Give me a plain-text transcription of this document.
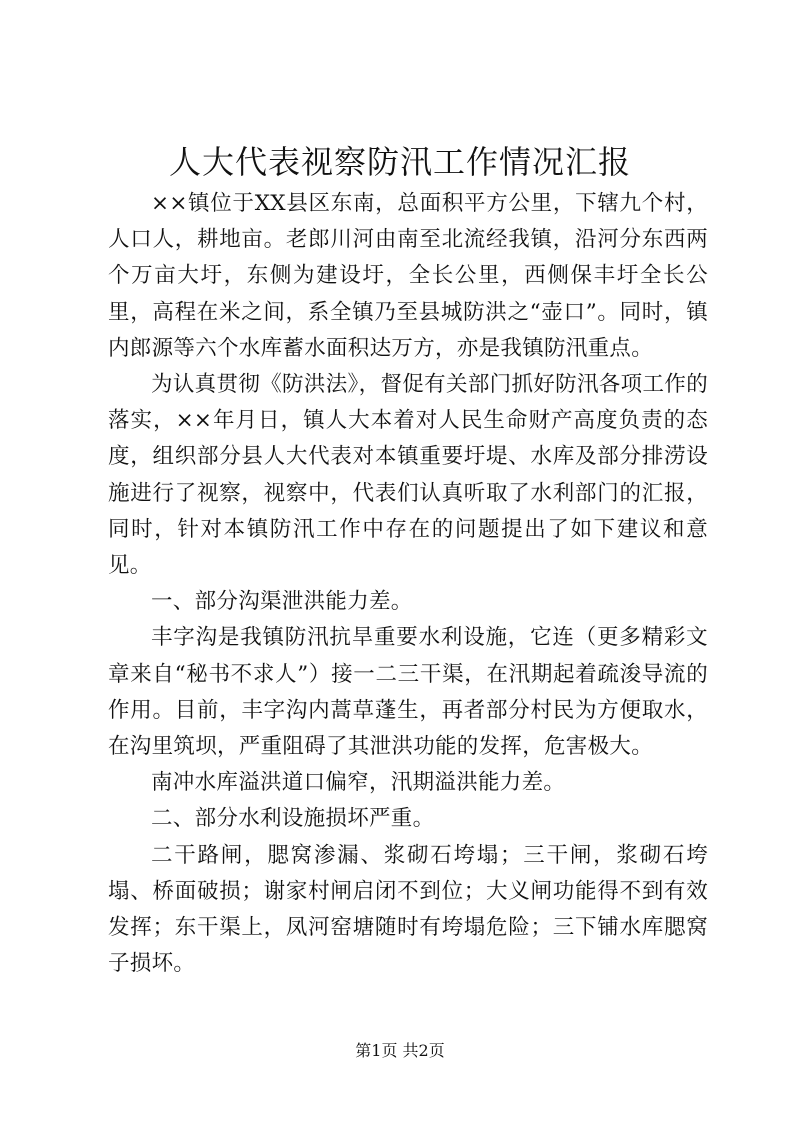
人大代表视察防汛工作情况汇报

××镇位于XX县区东南，总面积平方公里，下辖九个村，人口人，耕地亩。老郎川河由南至北流经我镇，沿河分东西两个万亩大圩，东侧为建设圩，全长公里，西侧保丰圩全长公里，高程在米之间，系全镇乃至县城防洪之“壶口”。同时，镇内郎源等六个水库蓄水面积达万方，亦是我镇防汛重点。

为认真贯彻《防洪法》，督促有关部门抓好防汛各项工作的落实，××年月日，镇人大本着对人民生命财产高度负责的态度，组织部分县人大代表对本镇重要圩堤、水库及部分排涝设施进行了视察，视察中，代表们认真听取了水利部门的汇报，同时，针对本镇防汛工作中存在的问题提出了如下建议和意见。

一、部分沟渠泄洪能力差。

丰字沟是我镇防汛抗旱重要水利设施，它连（更多精彩文章来自“秘书不求人”）接一二三干渠，在汛期起着疏浚导流的作用。目前，丰字沟内蒿草蓬生，再者部分村民为方便取水，在沟里筑坝，严重阻碍了其泄洪功能的发挥，危害极大。

南冲水库溢洪道口偏窄，汛期溢洪能力差。

二、部分水利设施损坏严重。

二干路闸，腮窝渗漏、浆砌石垮塌；三干闸，浆砌石垮塌、桥面破损；谢家村闸启闭不到位；大义闸功能得不到有效发挥；东干渠上，凤河窑塘随时有垮塌危险；三下铺水库腮窝子损坏。

第1页 共2页
